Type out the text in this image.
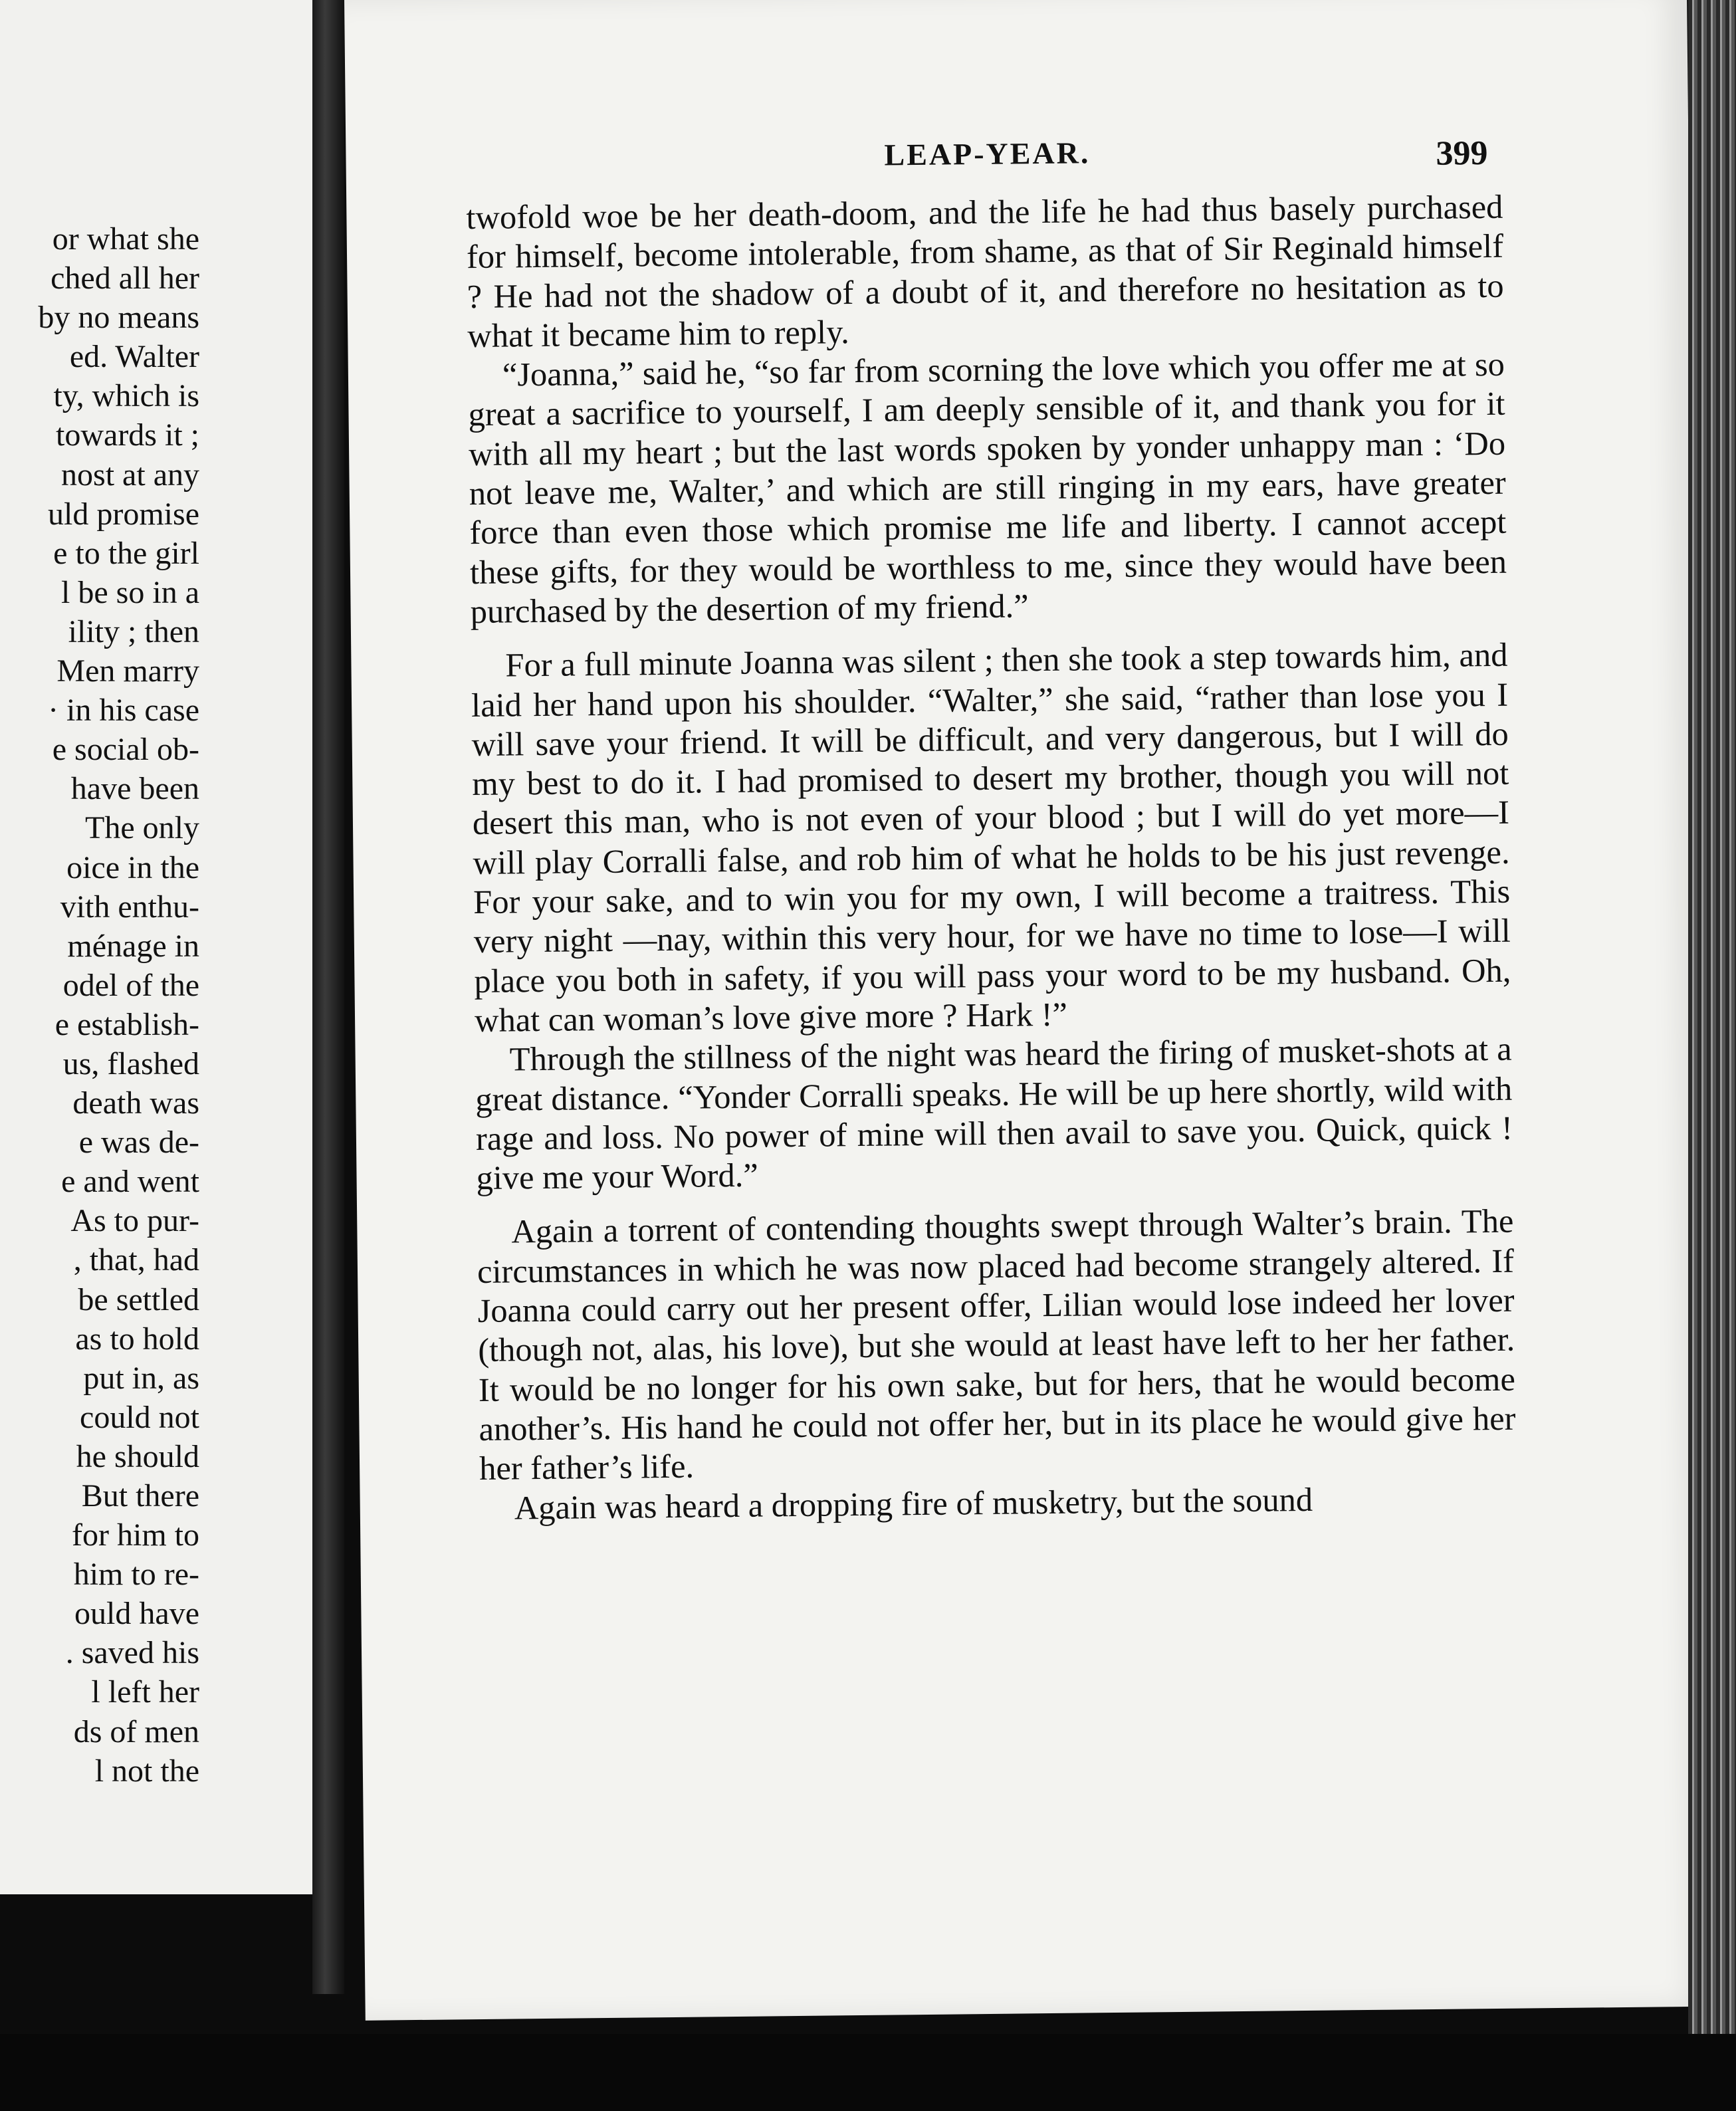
or what she
ched all her
by no means
ed. Walter
ty, which is
towards it ;
nost at any
uld promise
e to the girl
l be so in a
ility ; then
Men marry
· in his case
e social ob-
have been
The only
oice in the
vith enthu-
ménage in
odel of the
e establish-
us, flashed
death was
e was de-
e and went
As to pur-
, that, had
be settled
as to hold
put in, as
could not
he should
But there
for him to
him to re-
ould have
. saved his
l left her
ds of men
l not the
LEAP-YEAR.	399

twofold woe be her death-doom, and the life he had thus basely purchased for himself, become intolerable, from shame, as that of Sir Reginald himself ? He had not the shadow of a doubt of it, and therefore no hesitation as to what it became him to reply.

“Joanna,” said he, “so far from scorning the love which you offer me at so great a sacrifice to yourself, I am deeply sensible of it, and thank you for it with all my heart ; but the last words spoken by yonder unhappy man : ‘Do not leave me, Walter,’ and which are still ringing in my ears, have greater force than even those which promise me life and liberty. I cannot accept these gifts, for they would be worthless to me, since they would have been purchased by the desertion of my friend.”

For a full minute Joanna was silent ; then she took a step towards him, and laid her hand upon his shoulder. “Walter,” she said, “rather than lose you I will save your friend. It will be difficult, and very dangerous, but I will do my best to do it. I had promised to desert my brother, though you will not desert this man, who is not even of your blood ; but I will do yet more—I will play Corralli false, and rob him of what he holds to be his just revenge. For your sake, and to win you for my own, I will become a traitress. This very night —nay, within this very hour, for we have no time to lose—I will place you both in safety, if you will pass your word to be my husband. Oh, what can woman’s love give more ? Hark !”

Through the stillness of the night was heard the firing of musket-shots at a great distance. “Yonder Corralli speaks. He will be up here shortly, wild with rage and loss. No power of mine will then avail to save you. Quick, quick ! give me your Word.”

Again a torrent of contending thoughts swept through Walter’s brain. The circumstances in which he was now placed had become strangely altered. If Joanna could carry out her present offer, Lilian would lose indeed her lover (though not, alas, his love), but she would at least have left to her her father. It would be no longer for his own sake, but for hers, that he would become another’s. His hand he could not offer her, but in its place he would give her her father’s life.

Again was heard a dropping fire of musketry, but the sound
